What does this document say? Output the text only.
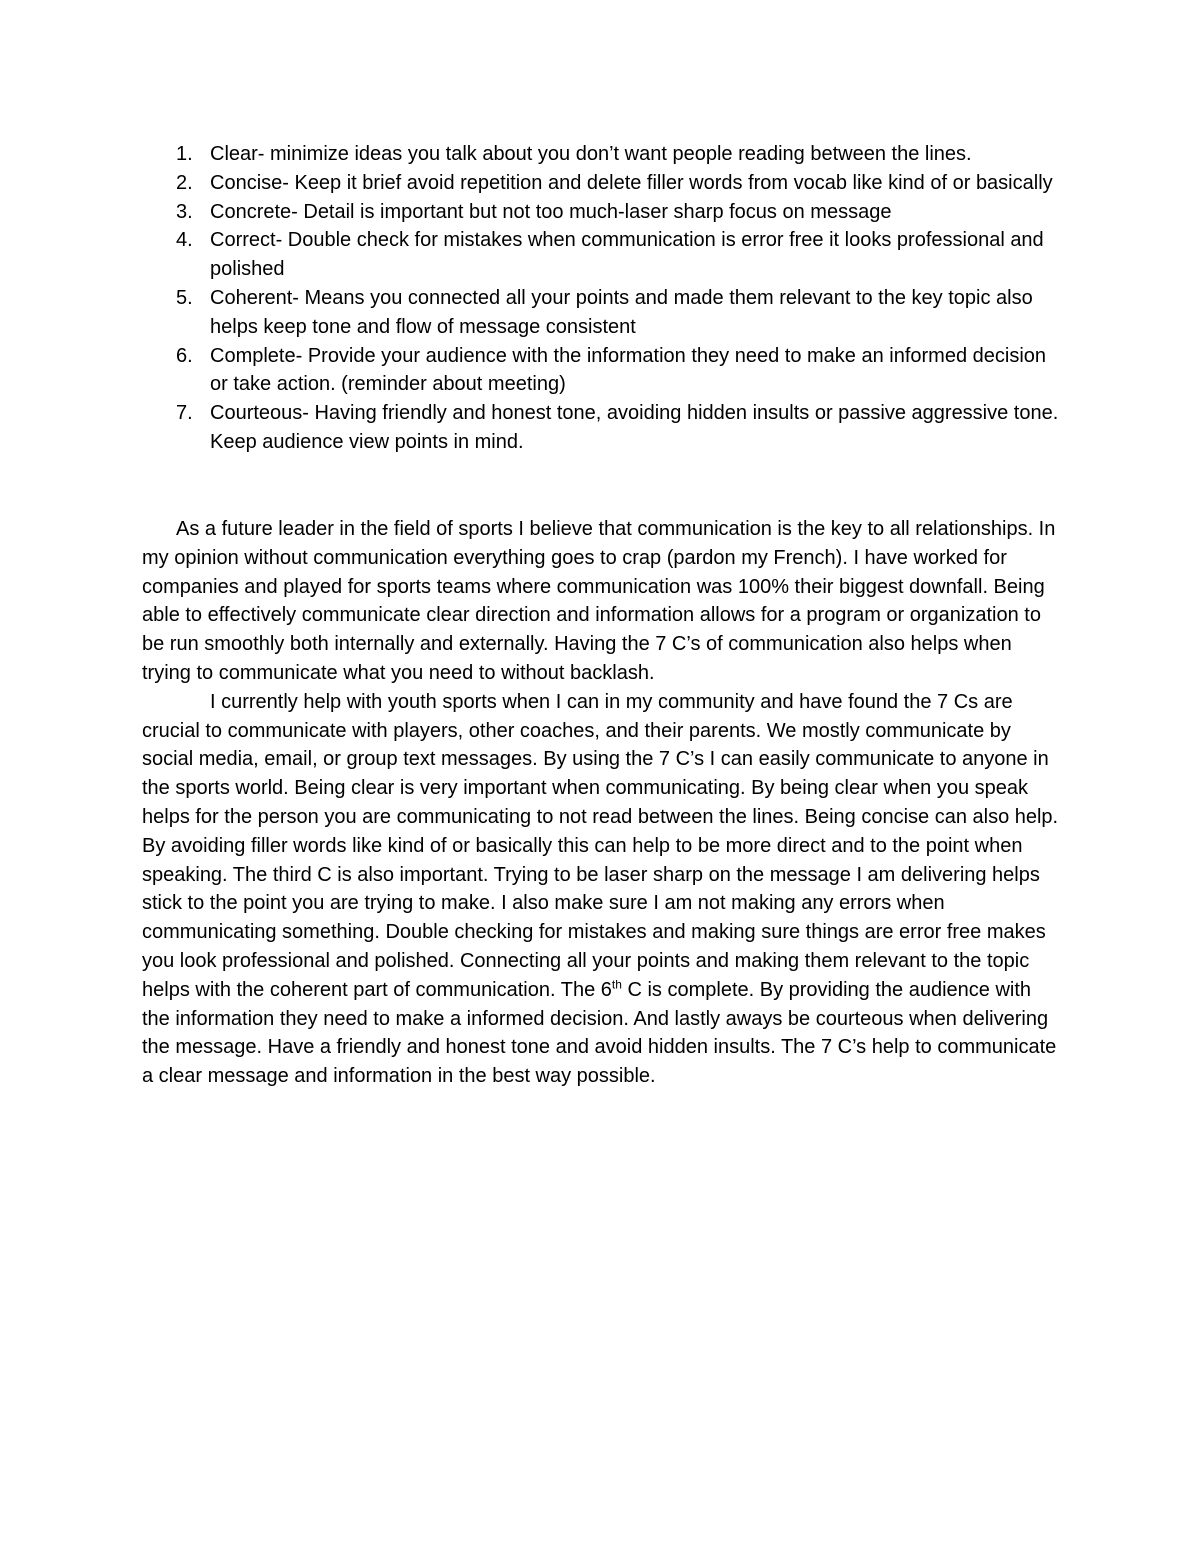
1. Clear- minimize ideas you talk about you don’t want people reading between the lines.
2. Concise- Keep it brief avoid repetition and delete filler words from vocab like kind of or basically
3. Concrete- Detail is important but not too much-laser sharp focus on message
4. Correct- Double check for mistakes when communication is error free it looks professional and polished
5. Coherent- Means you connected all your points and made them relevant to the key topic also helps keep tone and flow of message consistent
6. Complete- Provide your audience with the information they need to make an informed decision or take action. (reminder about meeting)
7. Courteous- Having friendly and honest tone, avoiding hidden insults or passive aggressive tone. Keep audience view points in mind.

As a future leader in the field of sports I believe that communication is the key to all relationships. In my opinion without communication everything goes to crap (pardon my French). I have worked for companies and played for sports teams where communication was 100% their biggest downfall. Being able to effectively communicate clear direction and information allows for a program or organization to be run smoothly both internally and externally. Having the 7 C’s of communication also helps when trying to communicate what you need to without backlash.

I currently help with youth sports when I can in my community and have found the 7 Cs are crucial to communicate with players, other coaches, and their parents. We mostly communicate by social media, email, or group text messages. By using the 7 C’s I can easily communicate to anyone in the sports world. Being clear is very important when communicating. By being clear when you speak helps for the person you are communicating to not read between the lines. Being concise can also help. By avoiding filler words like kind of or basically this can help to be more direct and to the point when speaking. The third C is also important. Trying to be laser sharp on the message I am delivering helps stick to the point you are trying to make. I also make sure I am not making any errors when communicating something. Double checking for mistakes and making sure things are error free makes you look professional and polished. Connecting all your points and making them relevant to the topic helps with the coherent part of communication. The 6th C is complete. By providing the audience with the information they need to make a informed decision. And lastly aways be courteous when delivering the message. Have a friendly and honest tone and avoid hidden insults. The 7 C’s help to communicate a clear message and information in the best way possible.
